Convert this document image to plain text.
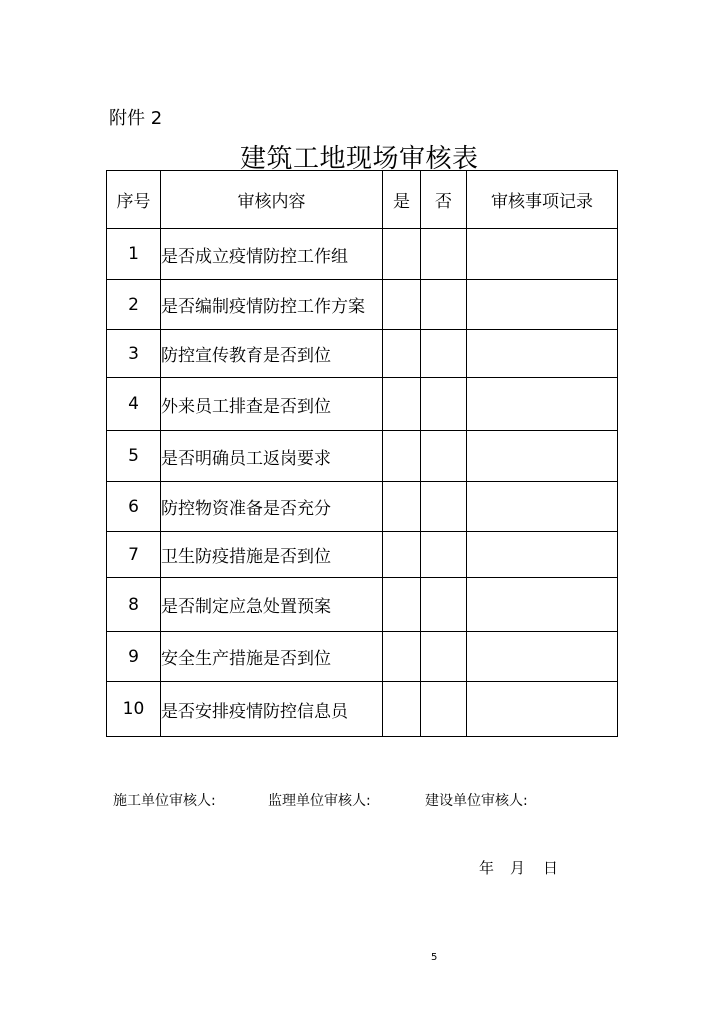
附件 2
建筑工地现场审核表
序号	审核内容	是	否	审核事项记录
1	是否成立疫情防控工作组			
2	是否编制疫情防控工作方案			
3	防控宣传教育是否到位			
4	外来员工排查是否到位			
5	是否明确员工返岗要求			
6	防控物资准备是否充分			
7	卫生防疫措施是否到位			
8	是否制定应急处置预案			
9	安全生产措施是否到位			
10	是否安排疫情防控信息员			
施工单位审核人:	监理单位审核人:	建设单位审核人:
年 月 日
5
